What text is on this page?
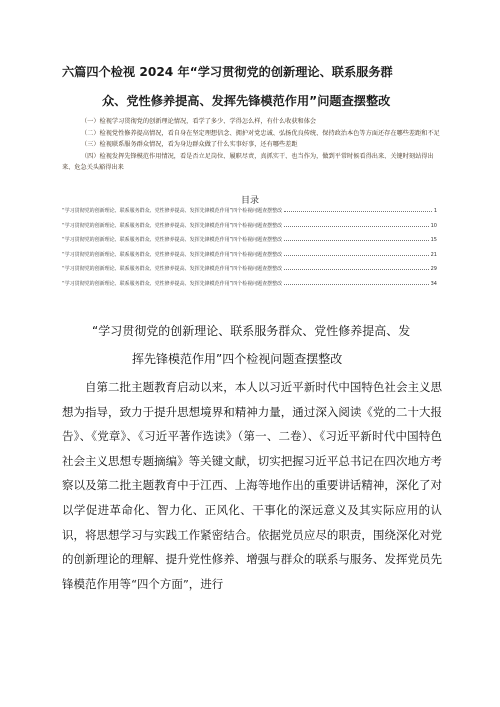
六篇四个检视 2024 年“学习贯彻党的创新理论、联系服务群
众、党性修养提高、发挥先锋模范作用”问题查摆整改
（一）检视学习贯彻党的创新理论情况，看学了多少、学得怎么样，有什么收获和体会
（二）检视党性修养提高情况，看自身在坚定理想信念、拥护对党忠诚、弘扬优良传统、保持政治本色等方面还存在哪些差距和不足
（三）检视联系服务群众情况，看为身边群众做了什么实事好事，还有哪些差距
（四）检视发挥先锋模范作用情况，看是否立足岗位、履职尽责，真抓实干、也当作为，做到平常时候看得出来、关键时刻站得出来、危急关头豁得出来
目录
“学习贯彻党的创新理论、联系服务群众、党性修养提高、发挥先锋模范作用”四个检视问题查摆整改	1
“学习贯彻党的创新理论、联系服务群众、党性修养提高、发挥先锋模范作用”四个检视问题查摆整改	10
“学习贯彻党的创新理论、联系服务群众、党性修养提高、发挥先锋模范作用”四个检视问题查摆整改	15
“学习贯彻党的创新理论、联系服务群众、党性修养提高、发挥先锋模范作用”四个检视问题查摆整改	21
“学习贯彻党的创新理论、联系服务群众、党性修养提高、发挥先锋模范作用”四个检视问题查摆整改	29
“学习贯彻党的创新理论、联系服务群众、党性修养提高、发挥先锋模范作用”四个检视问题查摆整改	34
“学习贯彻党的创新理论、联系服务群众、党性修养提高、发
挥先锋模范作用”四个检视问题查摆整改
自第二批主题教育启动以来，本人以习近平新时代中国特色社会主义思想为指导，致力于提升思想境界和精神力量，通过深入阅读《党的二十大报告》、《党章》、《习近平著作选读》（第一、二卷）、《习近平新时代中国特色社会主义思想专题摘编》等关键文献，切实把握习近平总书记在四次地方考察以及第二批主题教育中于江西、上海等地作出的重要讲话精神，深化了对以学促进革命化、智力化、正风化、干事化的深远意义及其实际应用的认识，将思想学习与实践工作紧密结合。依据党员应尽的职责，围绕深化对党的创新理论的理解、提升党性修养、增强与群众的联系与服务、发挥党员先锋模范作用等“四个方面”，进行
